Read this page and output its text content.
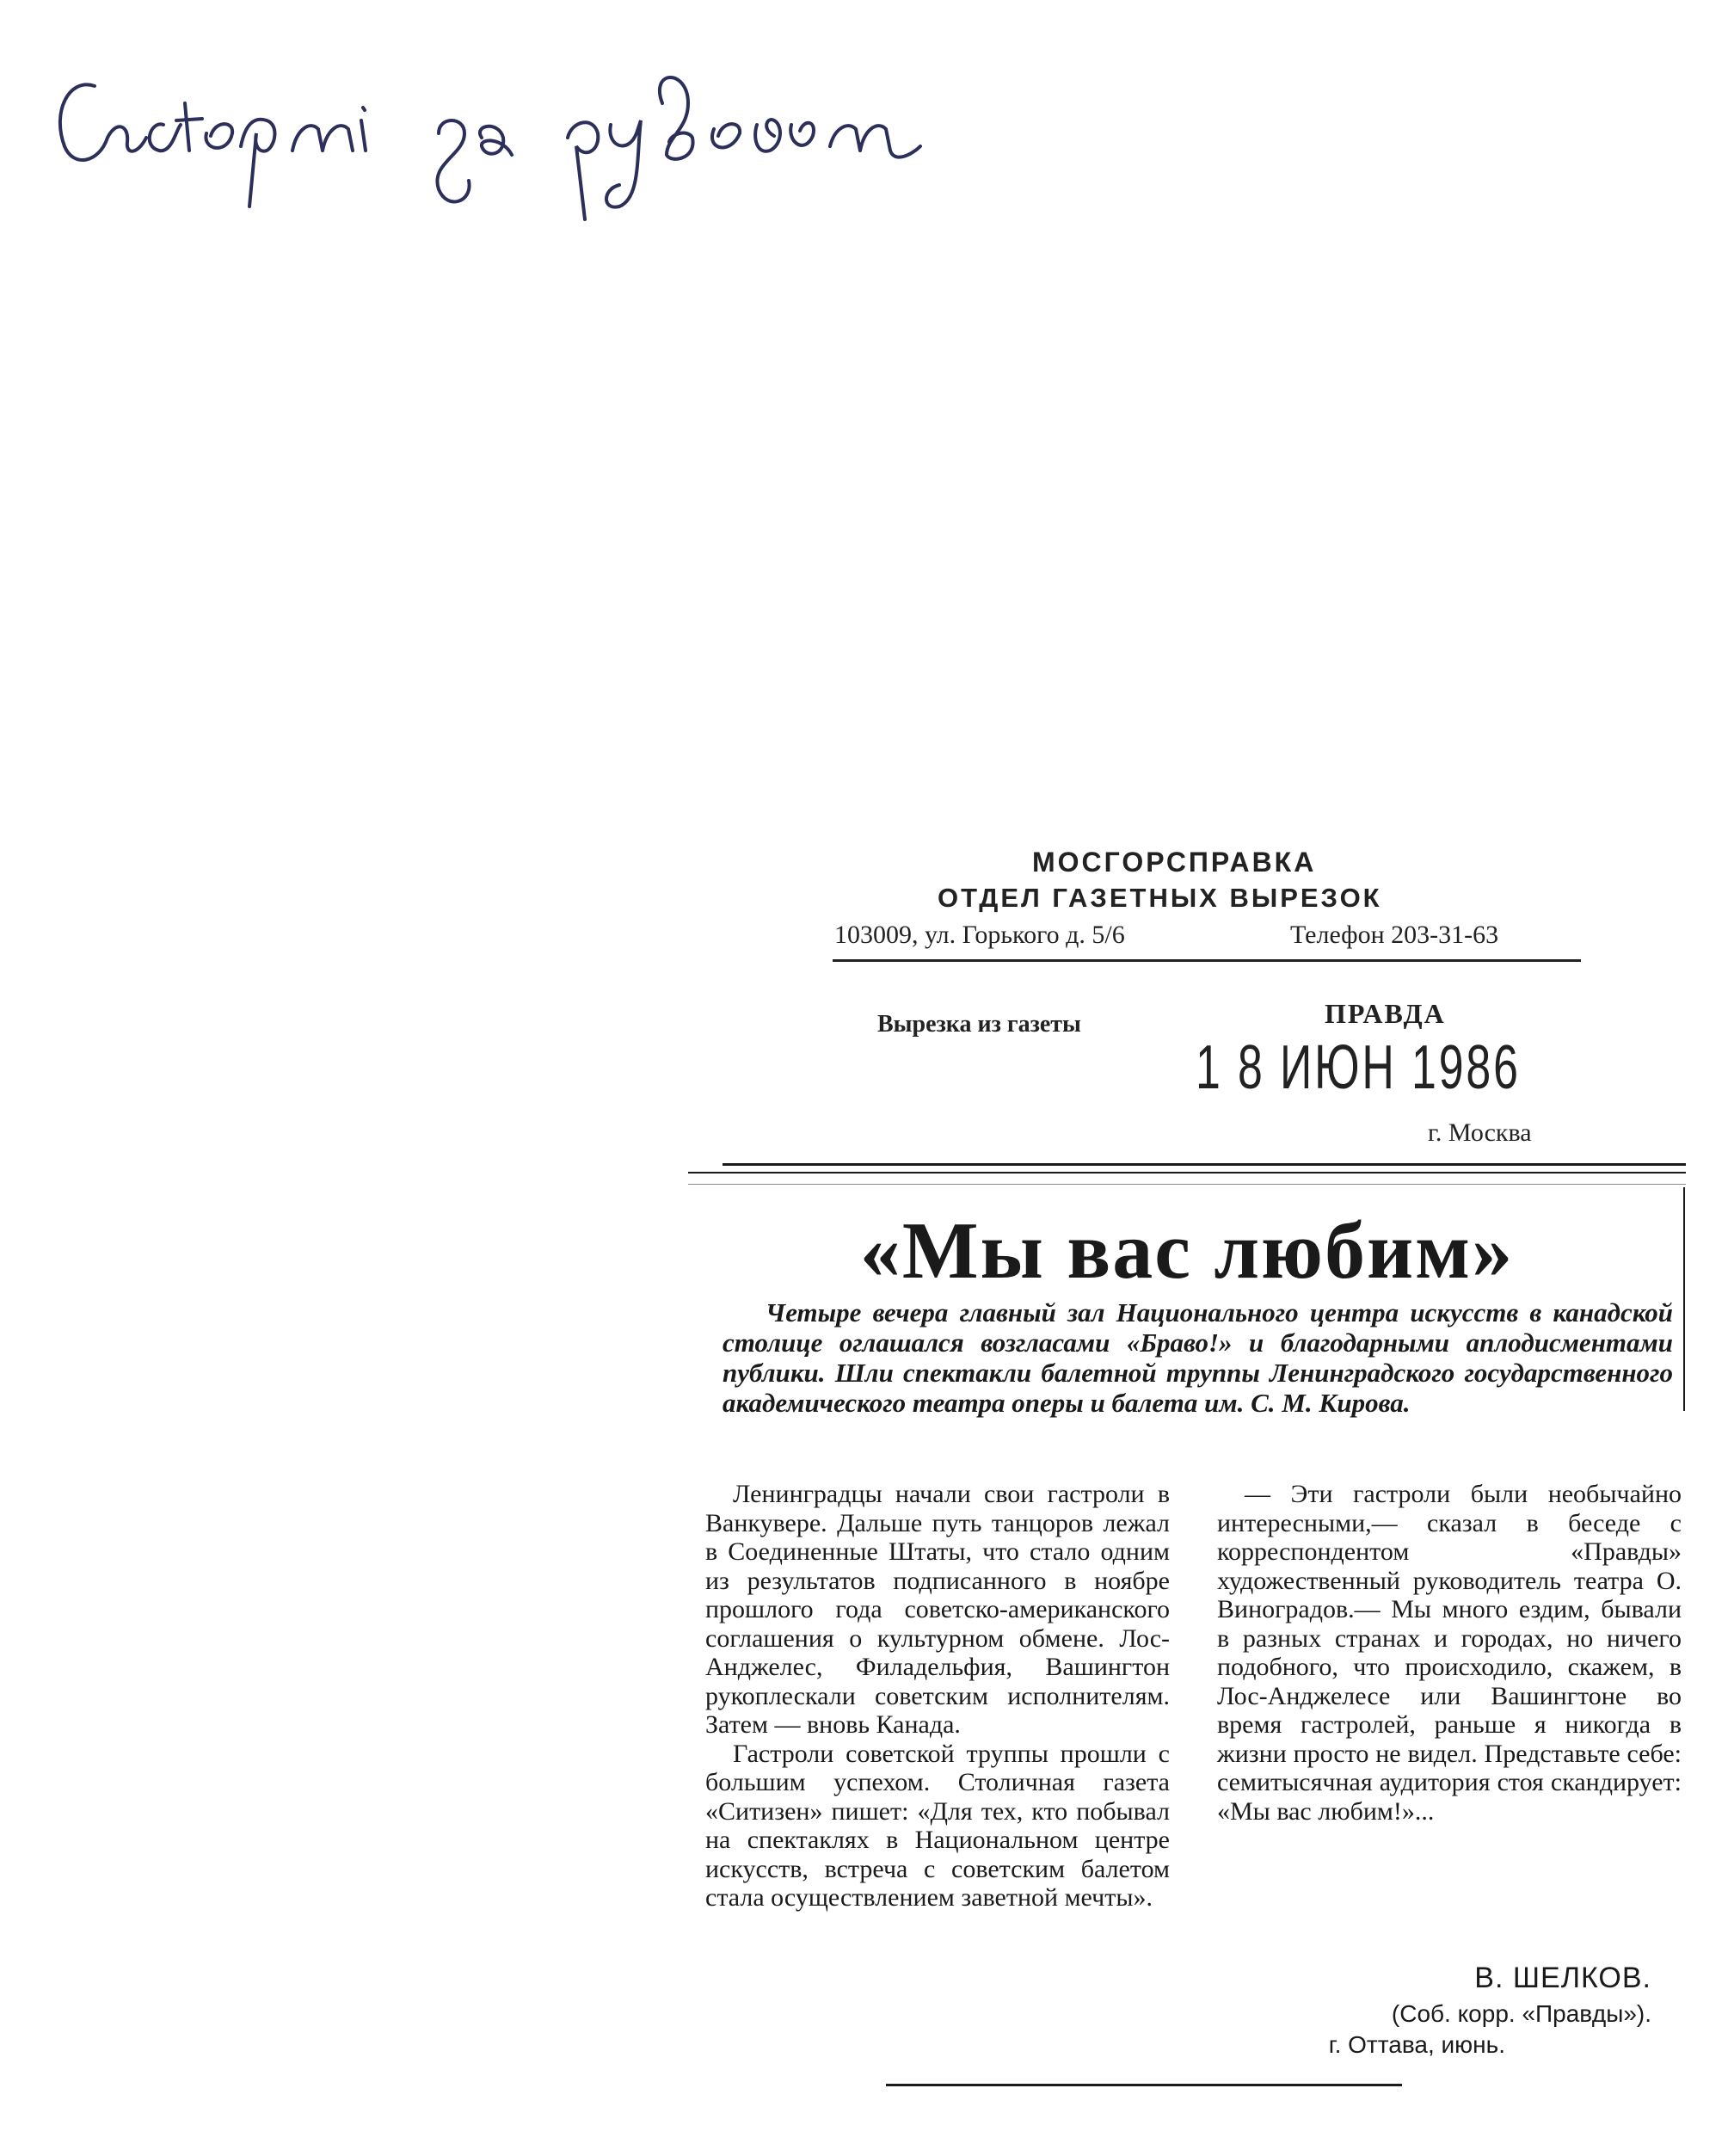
МОСГОРСПРАВКА
ОТДЕЛ ГАЗЕТНЫХ ВЫРЕЗОК
103009, ул. Горького д. 5/6	Телефон 203-31-63
Вырезка из газеты	ПРАВДА
1 8 ИЮН 1986
г. Москва
«Мы вас любим»
Четыре вечера главный зал Национального центра искусств в канадской столице оглашался возгласами «Браво!» и благодарными аплодисментами публики. Шли спектакли балетной труппы Ленинградского государственного академического театра оперы и балета им. С. М. Кирова.

Ленинградцы начали свои гастроли в Ванкувере. Дальше путь танцоров лежал в Соединенные Штаты, что стало одним из результатов подписанного в ноябре прошлого года советско-американского соглашения о культурном обмене. Лос-Анджелес, Филадельфия, Вашингтон рукоплескали советским исполнителям. Затем — вновь Канада.

Гастроли советской труппы прошли с большим успехом. Столичная газета «Ситизен» пишет: «Для тех, кто побывал на спектаклях в Национальном центре искусств, встреча с советским балетом стала осуществлением заветной мечты».

— Эти гастроли были необычайно интересными,— сказал в беседе с корреспондентом «Правды» художественный руководитель театра О. Виноградов.— Мы много ездим, бывали в разных странах и городах, но ничего подобного, что происходило, скажем, в Лос-Анджелесе или Вашингтоне во время гастролей, раньше я никогда в жизни просто не видел. Представьте себе: семитысячная аудитория стоя скандирует: «Мы вас любим!»...

В. ШЕЛКОВ.
(Соб. корр. «Правды»).
г. Оттава, июнь.
